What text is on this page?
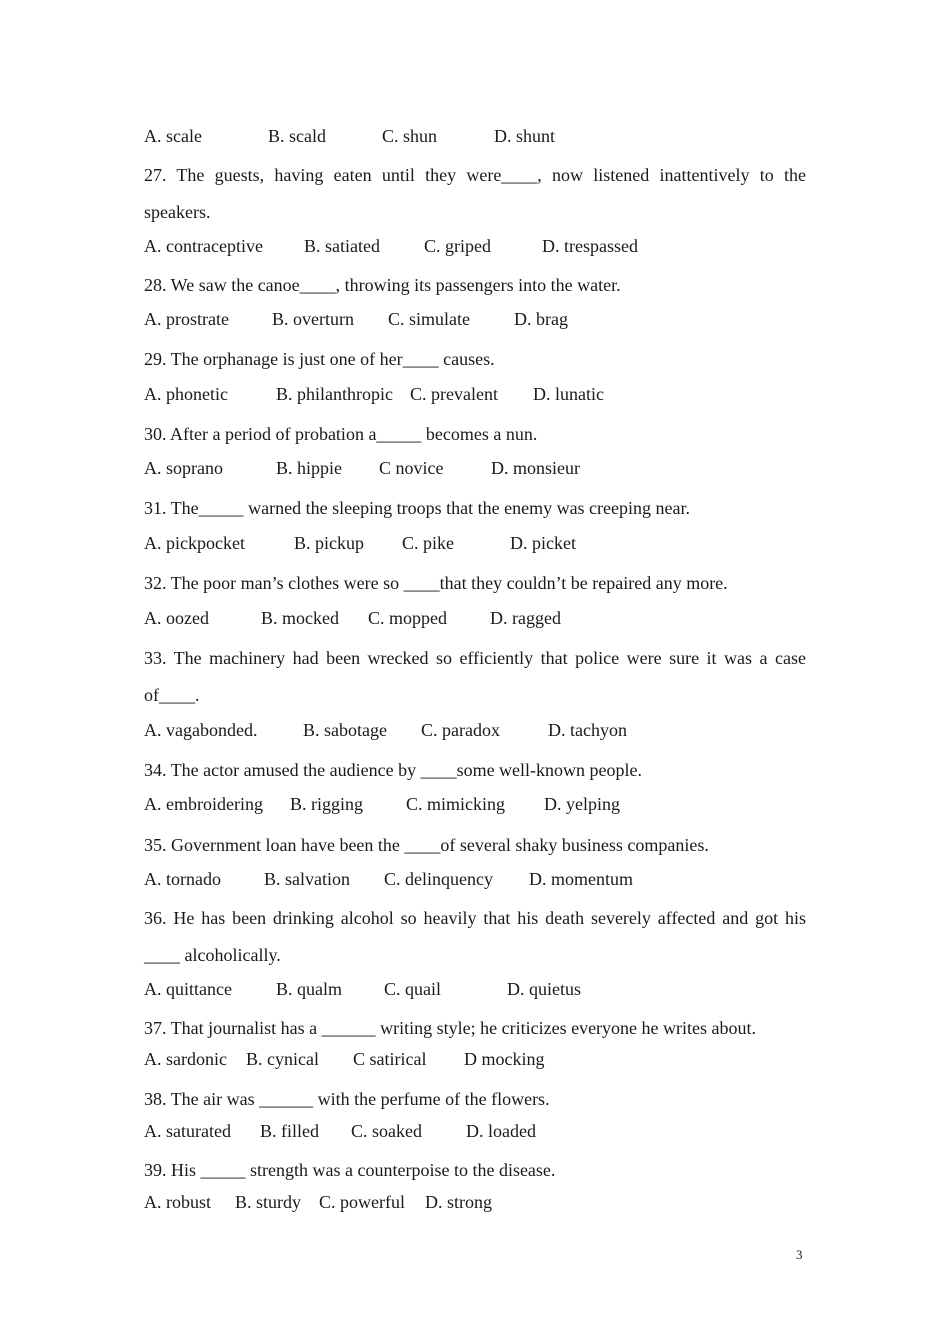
A. scale	B. scald	C. shun	D. shunt
27. The guests, having eaten until they were____, now listened inattentively to the speakers.
A. contraceptive B. satiated C. griped	D. trespassed
28. We saw the canoe____, throwing its passengers into the water.
A. prostrate B. overturn C. simulate D. brag
29. The orphanage is just one of her____ causes.
A. phonetic	B. philanthropic C. prevalent D. lunatic
30. After a period of probation a_____ becomes a nun.
A. soprano	B. hippie C novice	D. monsieur
31. The_____ warned the sleeping troops that the enemy was creeping near.
A. pickpocket	B. pickup C. pike	D. picket
32. The poor man’s clothes were so ____that they couldn’t be repaired any more.
A. oozed	B. mocked C. mopped D. ragged
33. The machinery had been wrecked so efficiently that police were sure it was a case of____.
A. vagabonded.	B. sabotage C. paradox	D. tachyon
34. The actor amused the audience by ____some well-known people.
A. embroidering B. rigging C. mimicking D. yelping
35. Government loan have been the ____of several shaky business companies.
A. tornado B. salvation C. delinquency D. momentum
36. He has been drinking alcohol so heavily that his death severely affected and got his ____ alcoholically.
A. quittance B. qualm C. quail	D. quietus
37. That journalist has a ______ writing style; he criticizes everyone he writes about.
A. sardonic B. cynical C satirical D mocking
38. The air was ______ with the perfume of the flowers.
A. saturated B. filled C. soaked D. loaded
39. His _____ strength was a counterpoise to the disease.
A. robust B. sturdy C. powerful D. strong
3
